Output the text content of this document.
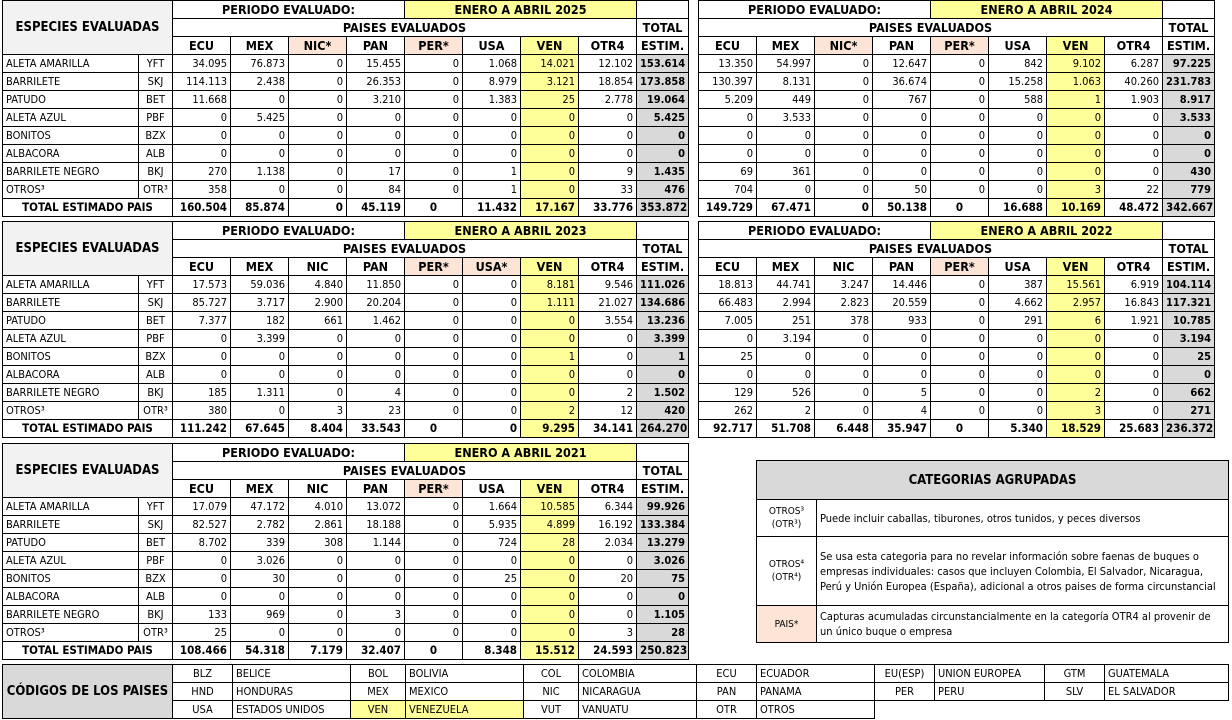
ESPECIES EVALUADAS		PERIODO EVALUADO:				ENERO A ABRIL 2025				
		PAISES EVALUADOS								TOTAL
		ECU	MEX	NIC*	PAN	PER*	USA	VEN	OTR4	ESTIM.
ALETA AMARILLA	YFT	34.095	76.873	0	15.455	0	1.068	14.021	12.102	153.614
BARRILETE	SKJ	114.113	2.438	0	26.353	0	8.979	3.121	18.854	173.858
PATUDO	BET	11.668	0	0	3.210	0	1.383	25	2.778	19.064
ALETA AZUL	PBF	0	5.425	0	0	0	0	0	0	5.425
BONITOS	BZX	0	0	0	0	0	0	0	0	0
ALBACORA	ALB	0	0	0	0	0	0	0	0	0
BARRILETE NEGRO	BKJ	270	1.138	0	17	0	1	0	9	1.435
OTROS³	OTR³	358	0	0	84	0	1	0	33	476
TOTAL ESTIMADO PAIS		160.504	85.874	0	45.119	0	11.432	17.167	33.776	353.872
PERIODO EVALUADO:				ENERO A ABRIL 2024				
PAISES EVALUADOS								TOTAL
ECU	MEX	NIC*	PAN	PER*	USA	VEN	OTR4	ESTIM.
13.350	54.997	0	12.647	0	842	9.102	6.287	97.225
130.397	8.131	0	36.674	0	15.258	1.063	40.260	231.783
5.209	449	0	767	0	588	1	1.903	8.917
0	3.533	0	0	0	0	0	0	3.533
0	0	0	0	0	0	0	0	0
0	0	0	0	0	0	0	0	0
69	361	0	0	0	0	0	0	430
704	0	0	50	0	0	3	22	779
149.729	67.471	0	50.138	0	16.688	10.169	48.472	342.667
ESPECIES EVALUADAS		PERIODO EVALUADO:				ENERO A ABRIL 2023				
		PAISES EVALUADOS								TOTAL
		ECU	MEX	NIC	PAN	PER*	USA*	VEN	OTR4	ESTIM.
ALETA AMARILLA	YFT	17.573	59.036	4.840	11.850	0	0	8.181	9.546	111.026
BARRILETE	SKJ	85.727	3.717	2.900	20.204	0	0	1.111	21.027	134.686
PATUDO	BET	7.377	182	661	1.462	0	0	0	3.554	13.236
ALETA AZUL	PBF	0	3.399	0	0	0	0	0	0	3.399
BONITOS	BZX	0	0	0	0	0	0	1	0	1
ALBACORA	ALB	0	0	0	0	0	0	0	0	0
BARRILETE NEGRO	BKJ	185	1.311	0	4	0	0	0	2	1.502
OTROS³	OTR³	380	0	3	23	0	0	2	12	420
TOTAL ESTIMADO PAIS		111.242	67.645	8.404	33.543	0	0	9.295	34.141	264.270
PERIODO EVALUADO:				ENERO A ABRIL 2022				
PAISES EVALUADOS								TOTAL
ECU	MEX	NIC	PAN	PER*	USA	VEN	OTR4	ESTIM.
18.813	44.741	3.247	14.446	0	387	15.561	6.919	104.114
66.483	2.994	2.823	20.559	0	4.662	2.957	16.843	117.321
7.005	251	378	933	0	291	6	1.921	10.785
0	3.194	0	0	0	0	0	0	3.194
25	0	0	0	0	0	0	0	25
0	0	0	0	0	0	0	0	0
129	526	0	5	0	0	2	0	662
262	2	0	4	0	0	3	0	271
92.717	51.708	6.448	35.947	0	5.340	18.529	25.683	236.372
ESPECIES EVALUADAS		PERIODO EVALUADO:				ENERO A ABRIL 2021				
		PAISES EVALUADOS								TOTAL
		ECU	MEX	NIC	PAN	PER*	USA	VEN	OTR4	ESTIM.
ALETA AMARILLA	YFT	17.079	47.172	4.010	13.072	0	1.664	10.585	6.344	99.926
BARRILETE	SKJ	82.527	2.782	2.861	18.188	0	5.935	4.899	16.192	133.384
PATUDO	BET	8.702	339	308	1.144	0	724	28	2.034	13.279
ALETA AZUL	PBF	0	3.026	0	0	0	0	0	0	3.026
BONITOS	BZX	0	30	0	0	0	25	0	20	75
ALBACORA	ALB	0	0	0	0	0	0	0	0	0
BARRILETE NEGRO	BKJ	133	969	0	3	0	0	0	0	1.105
OTROS³	OTR³	25	0	0	0	0	0	0	3	28
TOTAL ESTIMADO PAIS		108.466	54.318	7.179	32.407	0	8.348	15.512	24.593	250.823
CATEGORIAS AGRUPADAS	
OTROS³
(OTR³)	Puede incluir caballas, tiburones, otros tunidos, y peces diversos
OTROS⁴
(OTR⁴)	Se usa esta categoria para no revelar información sobre faenas de buques o empresas individuales: casos que incluyen Colombia, El Salvador, Nicaragua, Perú y Unión Europea (España), adicional a otros paises de forma circunstancial
PAIS*	Capturas acumuladas circunstancialmente en la categoría OTR4 al provenir de un único buque o empresa
CÓDIGOS DE LOS PAISES	BLZ	BELICE	BOL	BOLIVIA	COL	COLOMBIA	ECU	ECUADOR	EU(ESP)	UNION EUROPEA	GTM	GUATEMALA
	HND	HONDURAS	MEX	MEXICO	NIC	NICARAGUA	PAN	PANAMA	PER	PERU	SLV	EL SALVADOR
	USA	ESTADOS UNIDOS	VEN	VENEZUELA	VUT	VANUATU	OTR	OTROS				
